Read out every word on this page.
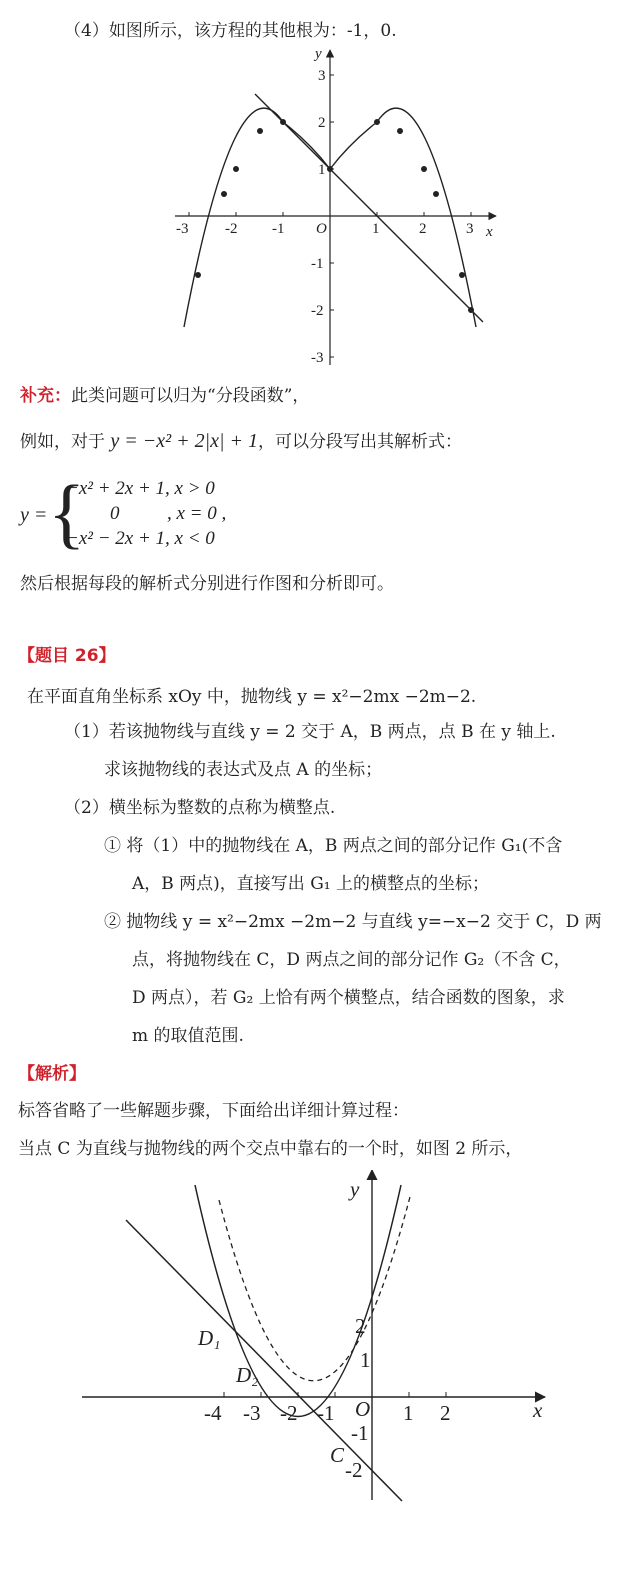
（4）如图所示，该方程的其他根为：-1，0.
x
y
O
-3 -2 -1	1	2	3
3
2
1
-1
-2
-3
补充：此类问题可以归为“分段函数”，
例如，对于 y = −x² + 2|x| + 1，可以分段写出其解析式：
y = {
−x² + 2x + 1, x > 0
0          , x = 0 ,
−x² − 2x + 1, x < 0
然后根据每段的解析式分别进行作图和分析即可。
【题目 26】
在平面直角坐标系 xOy 中，抛物线 y = x²−2mx −2m−2.
（1）若该抛物线与直线 y = 2 交于 A，B 两点，点 B 在 y 轴上.
求该抛物线的表达式及点 A 的坐标；
（2）横坐标为整数的点称为横整点.
① 将（1）中的抛物线在 A，B 两点之间的部分记作 G₁(不含
A，B 两点)，直接写出 G₁ 上的横整点的坐标；
② 抛物线 y = x²−2mx −2m−2 与直线 y=−x−2 交于 C，D 两
点，将抛物线在 C，D 两点之间的部分记作 G₂（不含 C，
D 两点），若 G₂ 上恰有两个横整点，结合函数的图象，求
m 的取值范围.
【解析】
标答省略了一些解题步骤，下面给出详细计算过程：
当点 C 为直线与抛物线的两个交点中靠右的一个时，如图 2 所示，
x
y
O
-4 -3 -2 -1	1 2
2
1
-1
-2
D₁
D₂
C
